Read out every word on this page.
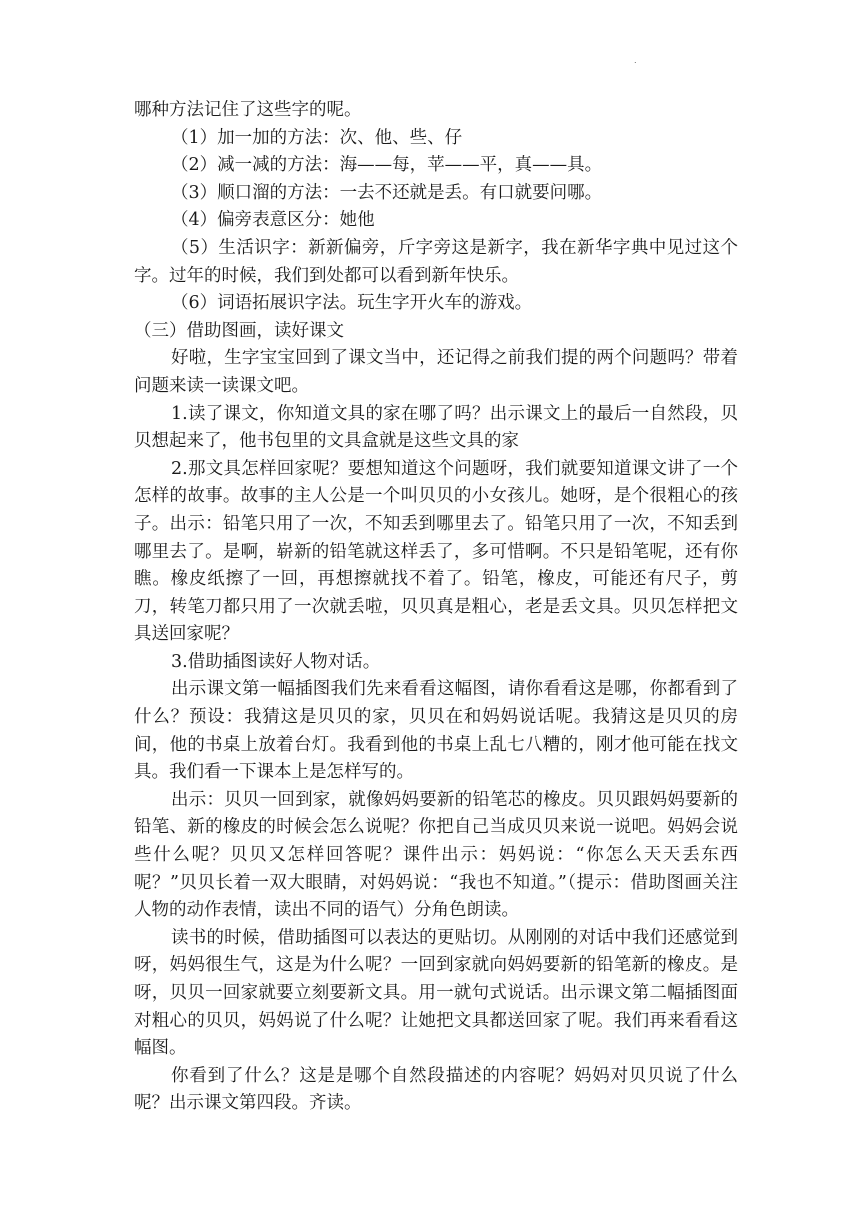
.

哪种方法记住了这些字的呢。

（1）加一加的方法：次、他、些、仔

（2）减一减的方法：海——每，苹——平，真——具。

（3）顺口溜的方法：一去不还就是丢。有口就要问哪。

（4）偏旁表意区分：她他

（5）生活识字：新新偏旁，斤字旁这是新字，我在新华字典中见过这个字。过年的时候，我们到处都可以看到新年快乐。

（6）词语拓展识字法。玩生字开火车的游戏。

（三）借助图画，读好课文

好啦，生字宝宝回到了课文当中，还记得之前我们提的两个问题吗？带着问题来读一读课文吧。

1.读了课文，你知道文具的家在哪了吗？出示课文上的最后一自然段，贝贝想起来了，他书包里的文具盒就是这些文具的家

2.那文具怎样回家呢？要想知道这个问题呀，我们就要知道课文讲了一个怎样的故事。故事的主人公是一个叫贝贝的小女孩儿。她呀，是个很粗心的孩子。出示：铅笔只用了一次，不知丢到哪里去了。铅笔只用了一次，不知丢到哪里去了。是啊，崭新的铅笔就这样丢了，多可惜啊。不只是铅笔呢，还有你瞧。橡皮纸擦了一回，再想擦就找不着了。铅笔，橡皮，可能还有尺子，剪刀，转笔刀都只用了一次就丢啦，贝贝真是粗心，老是丢文具。贝贝怎样把文具送回家呢？

3.借助插图读好人物对话。

出示课文第一幅插图我们先来看看这幅图，请你看看这是哪，你都看到了什么？预设：我猜这是贝贝的家，贝贝在和妈妈说话呢。我猜这是贝贝的房间，他的书桌上放着台灯。我看到他的书桌上乱七八糟的，刚才他可能在找文具。我们看一下课本上是怎样写的。

出示：贝贝一回到家，就像妈妈要新的铅笔芯的橡皮。贝贝跟妈妈要新的铅笔、新的橡皮的时候会怎么说呢？你把自己当成贝贝来说一说吧。妈妈会说些什么呢？贝贝又怎样回答呢？课件出示：妈妈说：“你怎么天天丢东西呢？”贝贝长着一双大眼睛，对妈妈说：“我也不知道。”（提示：借助图画关注人物的动作表情，读出不同的语气）分角色朗读。

读书的时候，借助插图可以表达的更贴切。从刚刚的对话中我们还感觉到呀，妈妈很生气，这是为什么呢？一回到家就向妈妈要新的铅笔新的橡皮。是呀，贝贝一回家就要立刻要新文具。用一就句式说话。出示课文第二幅插图面对粗心的贝贝，妈妈说了什么呢？让她把文具都送回家了呢。我们再来看看这幅图。

你看到了什么？这是是哪个自然段描述的内容呢？妈妈对贝贝说了什么呢？出示课文第四段。齐读。
